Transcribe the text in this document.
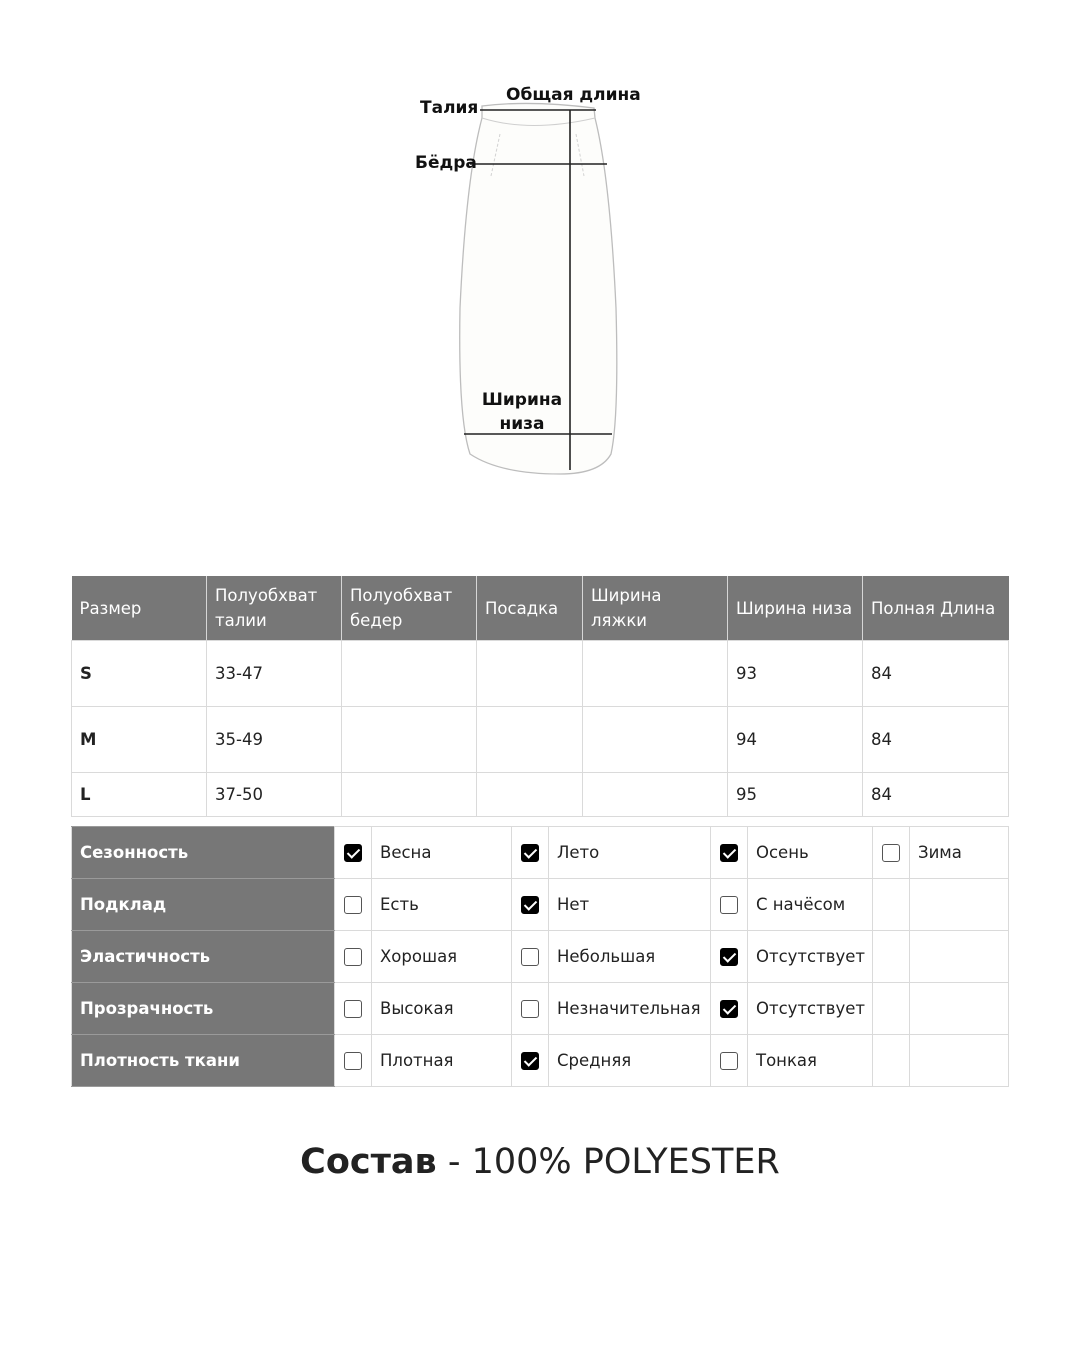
Талия
Общая длина
Бёдра
Ширина низа
Размер	Полуобхват талии	Полуобхват бедер	Посадка	Ширина ляжки	Ширина низа	Полная Длина
S	33-47				93	84
M	35-49				94	84
L	37-50				95	84
Сезонность		Весна		Лето		Осень		Зима
Подклад		Есть		Нет		С начёсом		
Эластичность		Хорошая		Небольшая		Отсутствует		
Прозрачность		Высокая		Незначительная		Отсутствует		
Плотность ткани		Плотная		Средняя		Тонкая		
Состав - 100% POLYESTER
